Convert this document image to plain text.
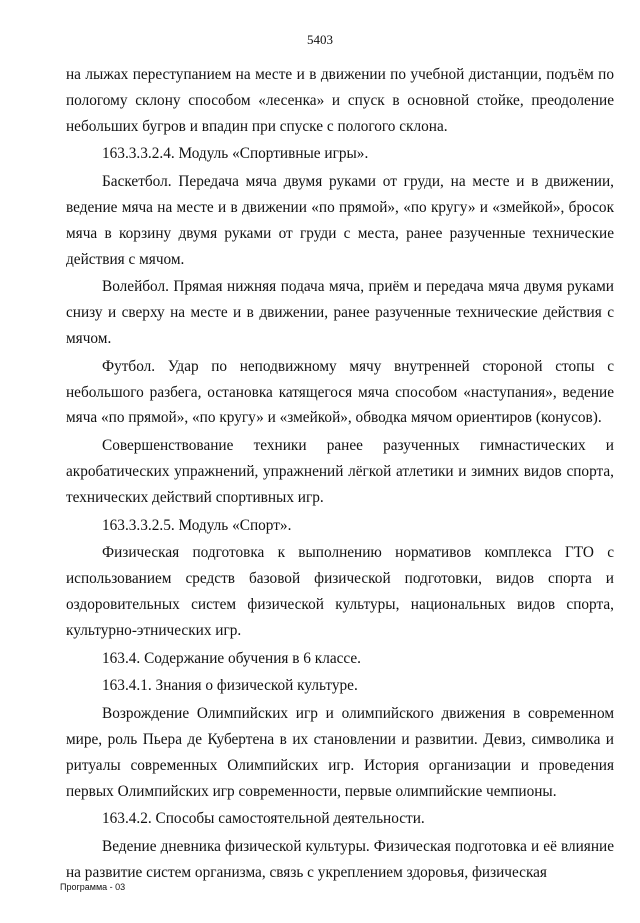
5403

на лыжах переступанием на месте и в движении по учебной дистанции, подъём по пологому склону способом «лесенка» и спуск в основной стойке, преодоление небольших бугров и впадин при спуске с пологого склона.

163.3.3.2.4. Модуль «Спортивные игры».

Баскетбол. Передача мяча двумя руками от груди, на месте и в движении, ведение мяча на месте и в движении «по прямой», «по кругу» и «змейкой», бросок мяча в корзину двумя руками от груди с места, ранее разученные технические действия с мячом.

Волейбол. Прямая нижняя подача мяча, приём и передача мяча двумя руками снизу и сверху на месте и в движении, ранее разученные технические действия с мячом.

Футбол. Удар по неподвижному мячу внутренней стороной стопы с небольшого разбега, остановка катящегося мяча способом «наступания», ведение мяча «по прямой», «по кругу» и «змейкой», обводка мячом ориентиров (конусов).

Совершенствование техники ранее разученных гимнастических и акробатических упражнений, упражнений лёгкой атлетики и зимних видов спорта, технических действий спортивных игр.

163.3.3.2.5. Модуль «Спорт».

Физическая подготовка к выполнению нормативов комплекса ГТО с использованием средств базовой физической подготовки, видов спорта и оздоровительных систем физической культуры, национальных видов спорта, культурно-этнических игр.

163.4. Содержание обучения в 6 классе.

163.4.1. Знания о физической культуре.

Возрождение Олимпийских игр и олимпийского движения в современном мире, роль Пьера де Кубертена в их становлении и развитии. Девиз, символика и ритуалы современных Олимпийских игр. История организации и проведения первых Олимпийских игр современности, первые олимпийские чемпионы.

163.4.2. Способы самостоятельной деятельности.

Ведение дневника физической культуры. Физическая подготовка и её влияние на развитие систем организма, связь с укреплением здоровья, физическая

Программа - 03
